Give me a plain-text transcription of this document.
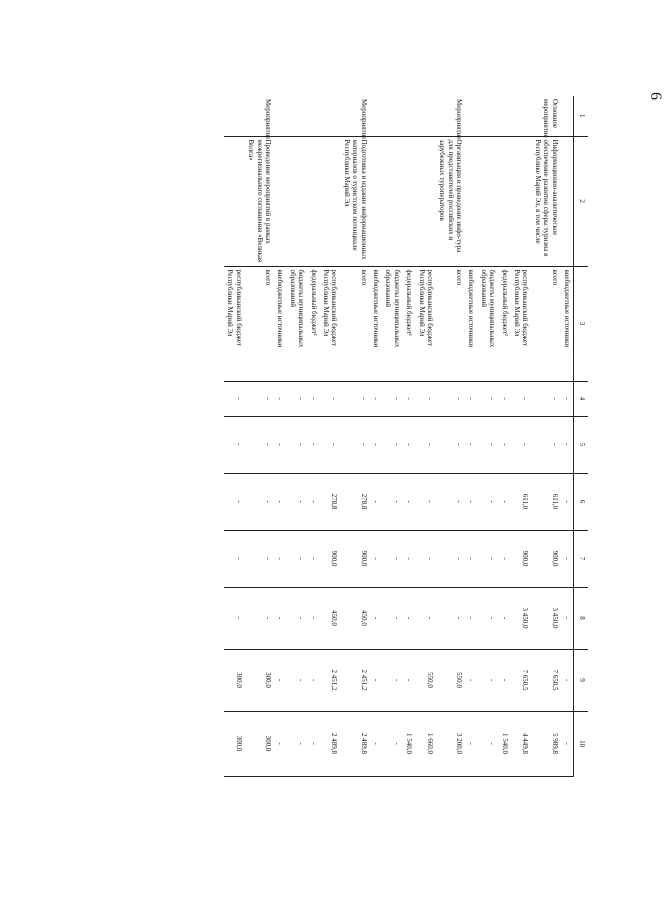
6
1	2	3	4	5	6	7	8	9	10	
		внебюджетные источники	-	-	-	-	-	-	-	
Основное мероприятие	Информационно-аналитическое обеспечение развития сферы туризма в Республике Марий Эл, в том числе	всего	-	-	611,0	900,0	3 450,0	7 650,5	5 989,8	
		республиканский бюджет Республики Марий Эл	-	-	611,0	900,0	3 450,0	7 650,5	4 449,8	
		федеральный бюджет²	-	-	-	-	-	-	1 540,0	
		бюджеты муниципальных образований	-	-	-	-	-	-	-	
		внебюджетные источники	-	-	-	-	-	-	-	
Мероприятие	Организация и проведение инфо-тура для представителей российских и зарубежных туроператоров	всего	-	-	-	-	-	550,0	3 200,0	
		республиканский бюджет Республики Марий Эл	-	-	-	-	-	550,0	1 660,0	
		федеральный бюджет¹	-	-	-	-	-	-	1 540,0	
		бюджеты муниципальных образований	-	-	-	-	-	-	-	
		внебюджетные источники	-	-	-	-	-	-	-	
Мероприятие	Подготовка и издание информационных материалов о туристском потенциале Республики Марий Эл	всего	-	-	278,8	900,0	450,0	2 451,2	2 489,8	
		республиканский бюджет Республики Марий Эл	-	-	278,8	900,0	450,0	2 451,2	2 489,8	
		федеральный бюджет¹	-	-	-	-	-	-	-	
		бюджеты муниципальных образований	-	-	-	-	-	-	-	
		внебюджетные источники	-	-	-	-	-	-	-	
Мероприятие	Проведение мероприятий в рамках межрегионального соглашения «Великая Волга»	всего	-	-	-	-	-	300,0	300,0	
		республиканский бюджет Республики Марий Эл	-	-	-	-	-	300,0	300,0	
